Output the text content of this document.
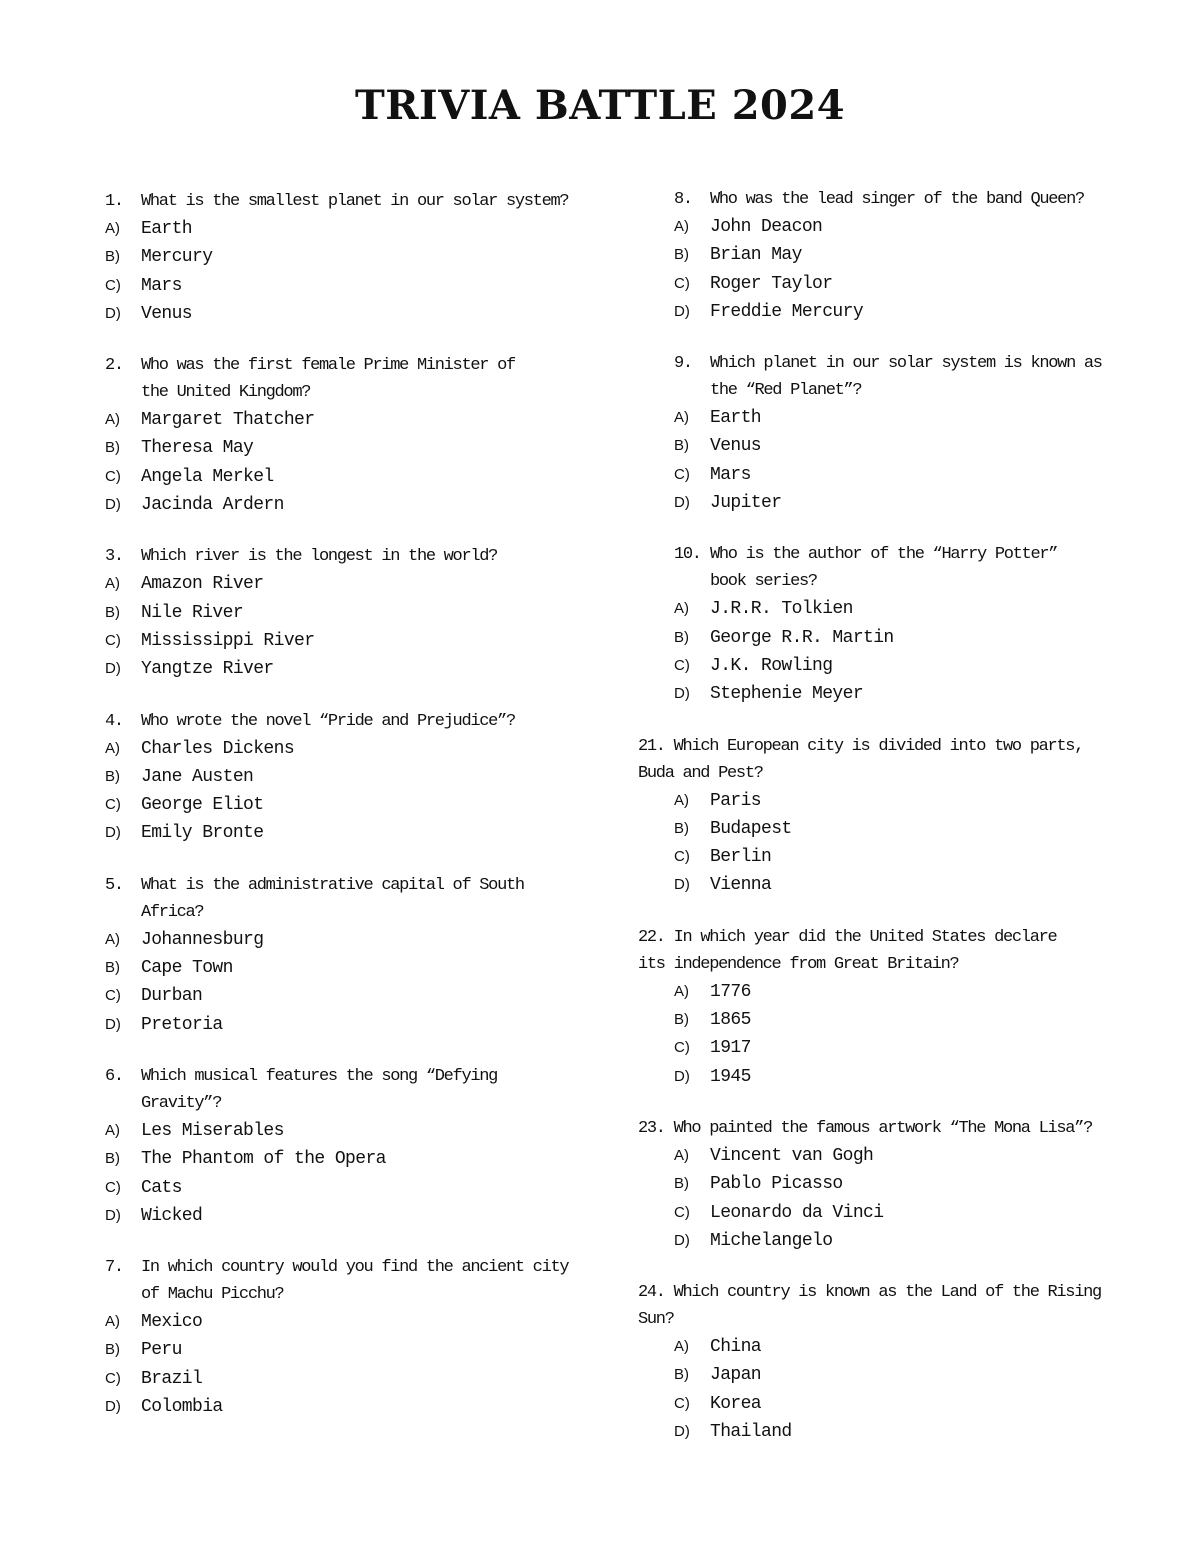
TRIVIA BATTLE 2024
1. What is the smallest planet in our solar system?
A) Earth
B) Mercury
C) Mars
D) Venus
2. Who was the first female Prime Minister of the United Kingdom?
A) Margaret Thatcher
B) Theresa May
C) Angela Merkel
D) Jacinda Ardern
3. Which river is the longest in the world?
A) Amazon River
B) Nile River
C) Mississippi River
D) Yangtze River
4. Who wrote the novel “Pride and Prejudice”?
A) Charles Dickens
B) Jane Austen
C) George Eliot
D) Emily Bronte
5. What is the administrative capital of South Africa?
A) Johannesburg
B) Cape Town
C) Durban
D) Pretoria
6. Which musical features the song “Defying Gravity”?
A) Les Miserables
B) The Phantom of the Opera
C) Cats
D) Wicked
7. In which country would you find the ancient city of Machu Picchu?
A) Mexico
B) Peru
C) Brazil
D) Colombia
8. Who was the lead singer of the band Queen?
A) John Deacon
B) Brian May
C) Roger Taylor
D) Freddie Mercury
9. Which planet in our solar system is known as the “Red Planet”?
A) Earth
B) Venus
C) Mars
D) Jupiter
10. Who is the author of the “Harry Potter” book series?
A) J.R.R. Tolkien
B) George R.R. Martin
C) J.K. Rowling
D) Stephenie Meyer
21. Which European city is divided into two parts, Buda and Pest?
A) Paris
B) Budapest
C) Berlin
D) Vienna
22. In which year did the United States declare its independence from Great Britain?
A) 1776
B) 1865
C) 1917
D) 1945
23. Who painted the famous artwork “The Mona Lisa”?
A) Vincent van Gogh
B) Pablo Picasso
C) Leonardo da Vinci
D) Michelangelo
24. Which country is known as the Land of the Rising Sun?
A) China
B) Japan
C) Korea
D) Thailand
